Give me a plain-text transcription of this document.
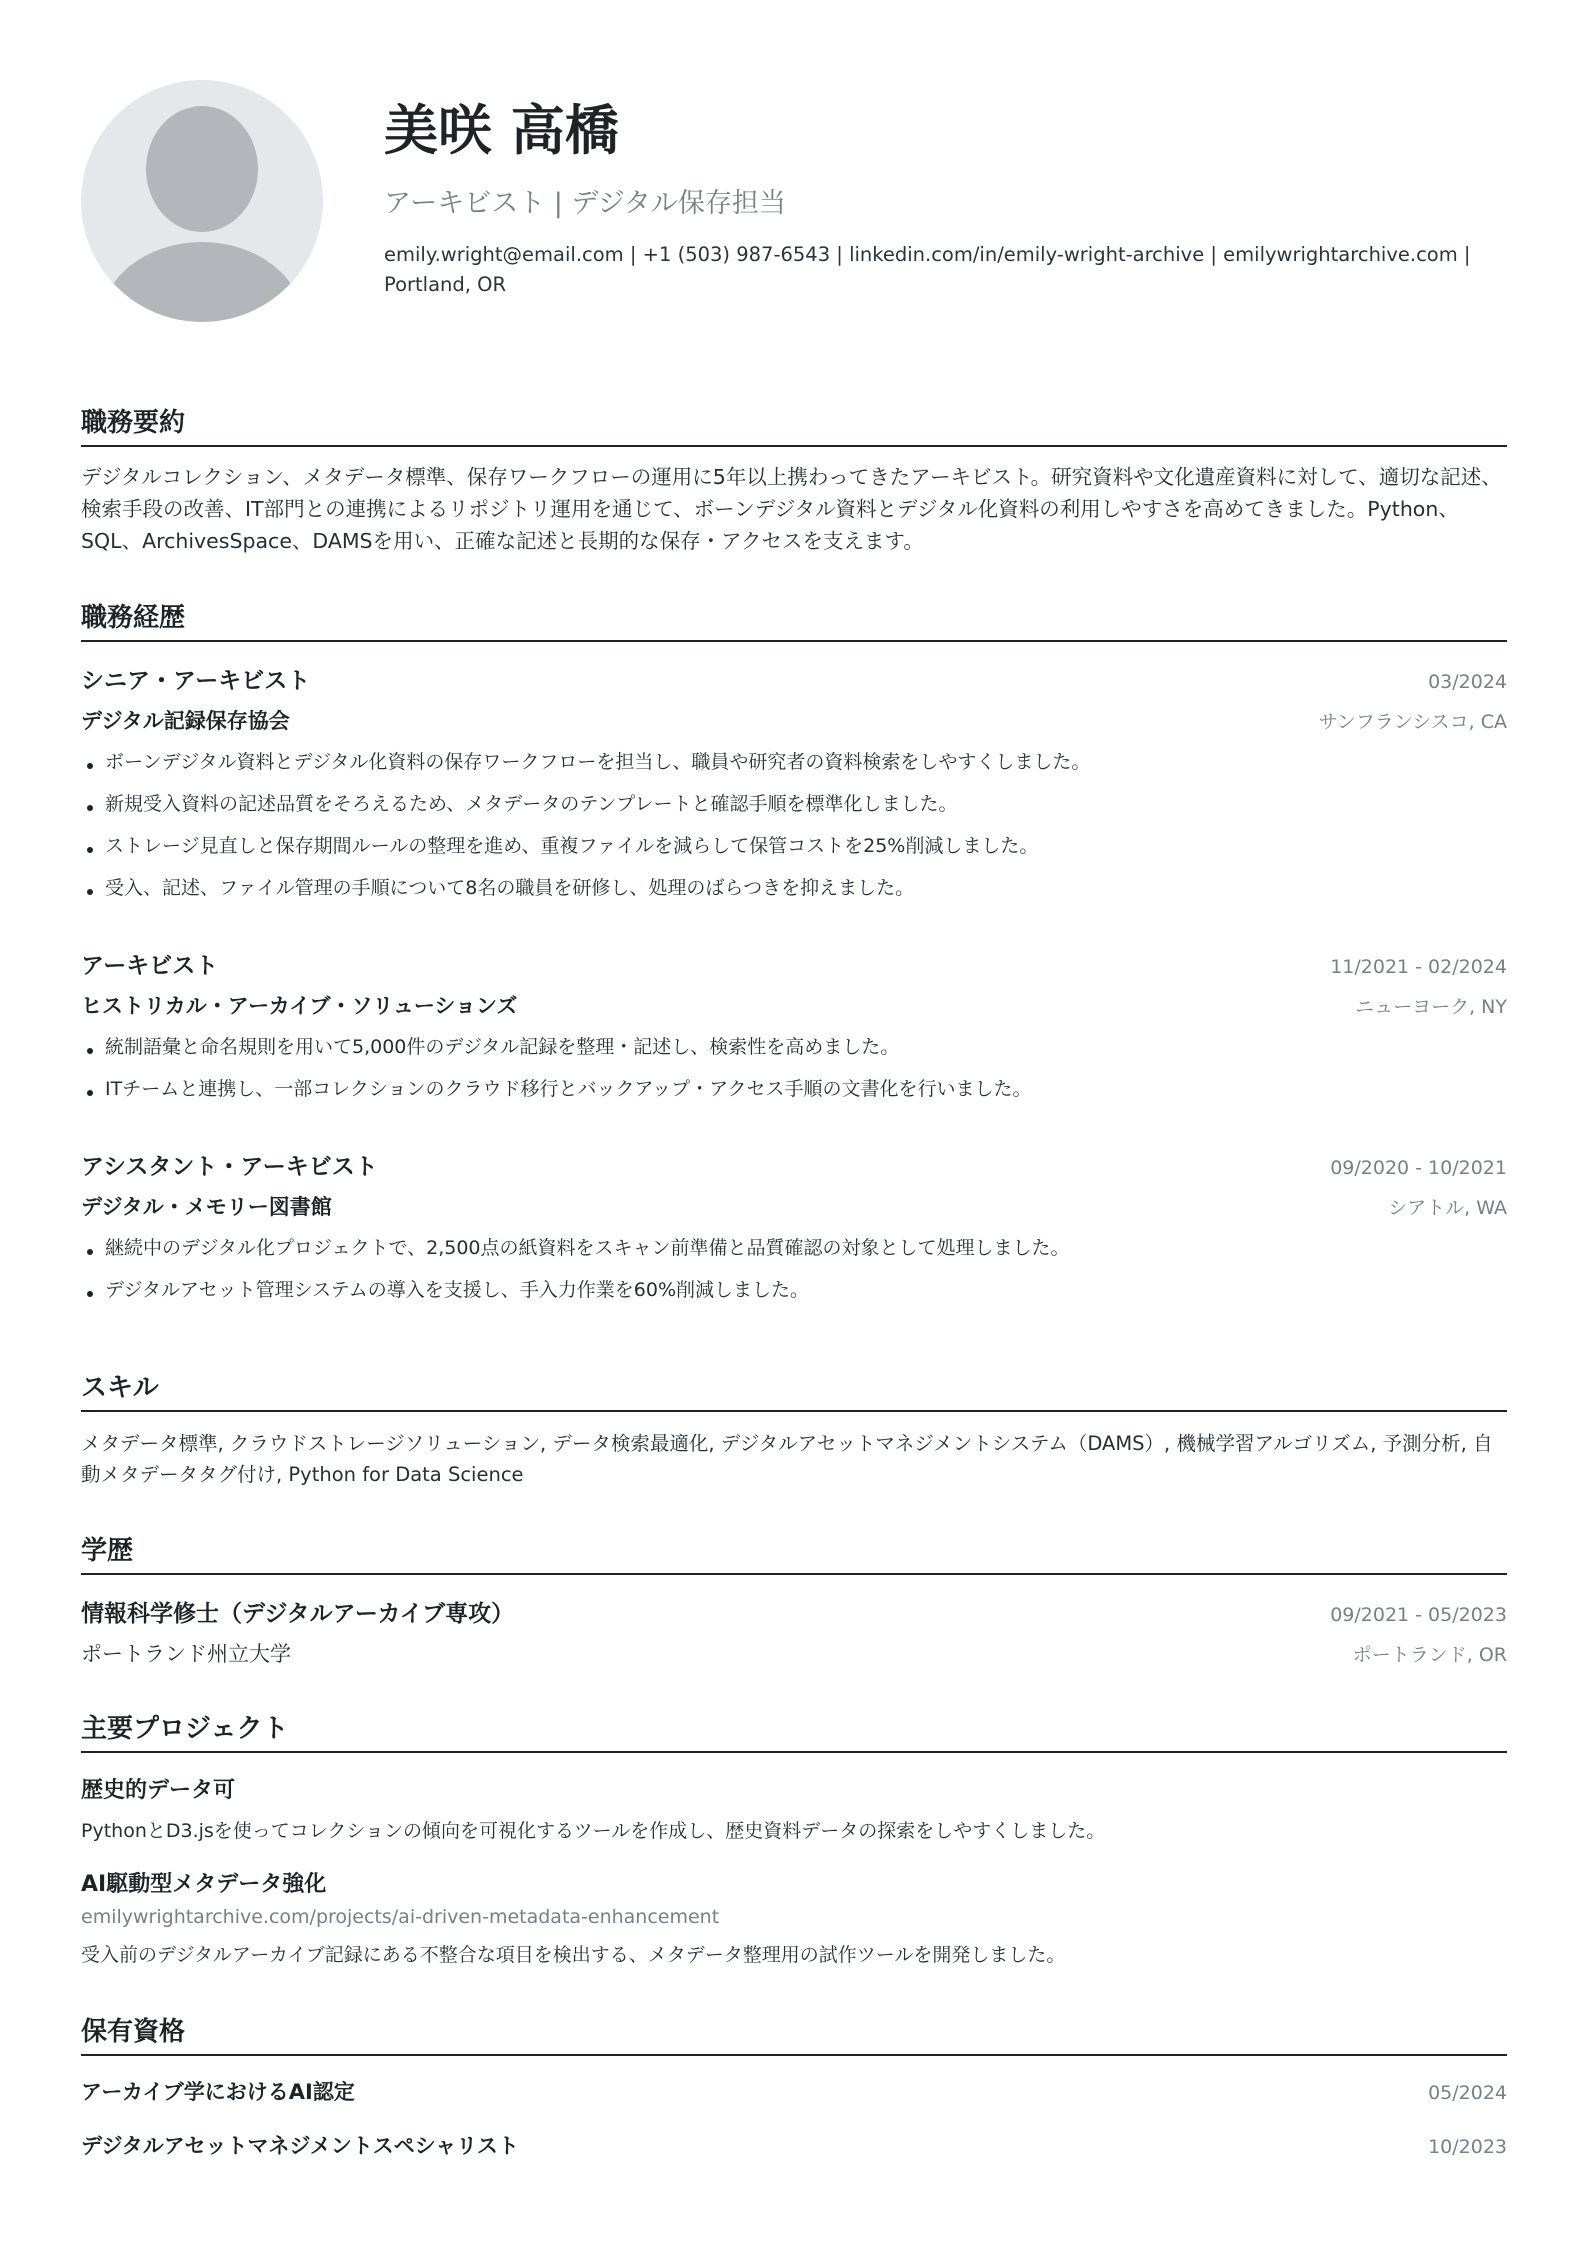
美咲 高橋
アーキビスト | デジタル保存担当
emily.wright@email.com | +1 (503) 987-6543 | linkedin.com/in/emily-wright-archive | emilywrightarchive.com | Portland, OR
職務要約
デジタルコレクション、メタデータ標準、保存ワークフローの運用に5年以上携わってきたアーキビスト。研究資料や文化遺産資料に対して、適切な記述、検索手段の改善、IT部門との連携によるリポジトリ運用を通じて、ボーンデジタル資料とデジタル化資料の利用しやすさを高めてきました。Python、SQL、ArchivesSpace、DAMSを用い、正確な記述と長期的な保存・アクセスを支えます。
職務経歴
シニア・アーキビスト	03/2024
デジタル記録保存協会	サンフランシスコ, CA
ボーンデジタル資料とデジタル化資料の保存ワークフローを担当し、職員や研究者の資料検索をしやすくしました。
新規受入資料の記述品質をそろえるため、メタデータのテンプレートと確認手順を標準化しました。
ストレージ見直しと保存期間ルールの整理を進め、重複ファイルを減らして保管コストを25%削減しました。
受入、記述、ファイル管理の手順について8名の職員を研修し、処理のばらつきを抑えました。
アーキビスト	11/2021 - 02/2024
ヒストリカル・アーカイブ・ソリューションズ	ニューヨーク, NY
統制語彙と命名規則を用いて5,000件のデジタル記録を整理・記述し、検索性を高めました。
ITチームと連携し、一部コレクションのクラウド移行とバックアップ・アクセス手順の文書化を行いました。
アシスタント・アーキビスト	09/2020 - 10/2021
デジタル・メモリー図書館	シアトル, WA
継続中のデジタル化プロジェクトで、2,500点の紙資料をスキャン前準備と品質確認の対象として処理しました。
デジタルアセット管理システムの導入を支援し、手入力作業を60%削減しました。
スキル
メタデータ標準, クラウドストレージソリューション, データ検索最適化, デジタルアセットマネジメントシステム（DAMS）, 機械学習アルゴリズム, 予測分析, 自動メタデータタグ付け, Python for Data Science
学歴
情報科学修士（デジタルアーカイブ専攻）	09/2021 - 05/2023
ポートランド州立大学	ポートランド, OR
主要プロジェクト
歴史的データ可
PythonとD3.jsを使ってコレクションの傾向を可視化するツールを作成し、歴史資料データの探索をしやすくしました。
AI駆動型メタデータ強化
emilywrightarchive.com/projects/ai-driven-metadata-enhancement
受入前のデジタルアーカイブ記録にある不整合な項目を検出する、メタデータ整理用の試作ツールを開発しました。
保有資格
アーカイブ学におけるAI認定	05/2024
デジタルアセットマネジメントスペシャリスト	10/2023
